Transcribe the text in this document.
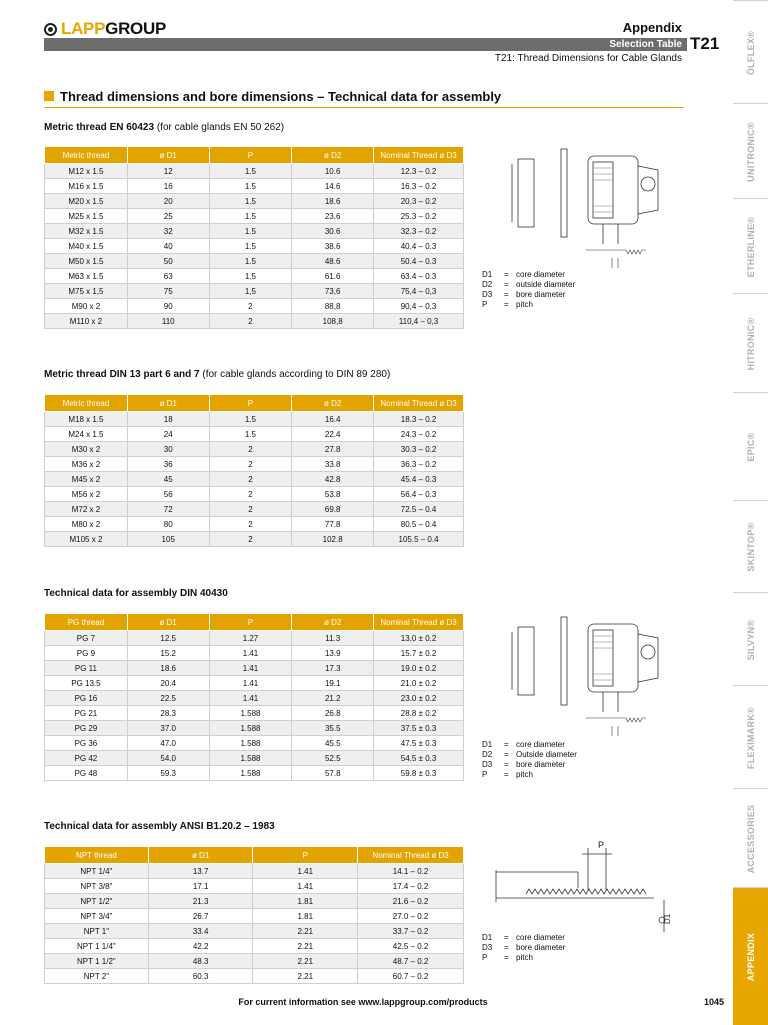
LAPPGROUP	Appendix
Selection Table T21
T21: Thread Dimensions for Cable Glands
Thread dimensions and bore dimensions – Technical data for assembly
Metric thread EN 60423 (for cable glands EN 50 262)
Metric thread	ø D1	P	ø D2	Nominal Thread ø D3
M12 x 1.5	12	1.5	10.6	12.3 – 0.2
M16 x 1.5	16	1.5	14.6	16.3 – 0.2
M20 x 1.5	20	1.5	18.6	20.3 – 0.2
M25 x 1.5	25	1.5	23.6	25.3 – 0.2
M32 x 1.5	32	1.5	30.6	32.3 – 0.2
M40 x 1.5	40	1.5	38.6	40.4 – 0.3
M50 x 1.5	50	1.5	48.6	50.4 – 0.3
M63 x 1.5	63	1.5	61.6	63.4 – 0.3
M75 x 1,5	75	1,5	73,6	75,4 – 0,3
M90 x 2	90	2	88,8	90,4 – 0,3
M110 x 2	110	2	108,8	110,4 – 0,3
Metric thread DIN 13 part 6 and 7 (for cable glands according to DIN 89 280)
Metric thread	ø D1	P	ø D2	Nominal Thread ø D3
M18 x 1.5	18	1.5	16.4	18.3 – 0.2
M24 x 1.5	24	1.5	22.4	24.3 – 0.2
M30 x 2	30	2	27.8	30.3 – 0.2
M36 x 2	36	2	33.8	36.3 – 0.2
M45 x 2	45	2	42.8	45.4 – 0.3
M56 x 2	56	2	53.8	56.4 – 0.3
M72 x 2	72	2	69.8	72.5 – 0.4
M80 x 2	80	2	77.8	80.5 – 0.4
M105 x 2	105	2	102.8	105.5 – 0.4
Technical data for assembly DIN 40430
PG thread	ø D1	P	ø D2	Nominal Thread ø D3
PG 7	12.5	1.27	11.3	13.0 ± 0.2
PG 9	15.2	1.41	13.9	15.7 ± 0.2
PG 11	18.6	1.41	17.3	19.0 ± 0.2
PG 13.5	20.4	1.41	19.1	21.0 ± 0.2
PG 16	22.5	1.41	21.2	23.0 ± 0.2
PG 21	28.3	1.588	26.8	28.8 ± 0.2
PG 29	37.0	1.588	35.5	37.5 ± 0.3
PG 36	47.0	1.588	45.5	47.5 ± 0.3
PG 42	54.0	1.588	52.5	54.5 ± 0.3
PG 48	59.3	1.588	57.8	59.8 ± 0.3
Technical data for assembly ANSI B1.20.2 – 1983
NPT thread	ø D1	P	Nominal Thread ø D3
NPT 1/4"	13.7	1.41	14.1 – 0.2
NPT 3/8"	17.1	1.41	17.4 – 0.2
NPT 1/2"	21.3	1.81	21.6 – 0.2
NPT 3/4"	26.7	1.81	27.0 – 0.2
NPT 1"	33.4	2.21	33.7 – 0.2
NPT 1 1/4"	42.2	2.21	42.5 – 0.2
NPT 1 1/2"	48.3	2.21	48.7 – 0.2
NPT 2"	60.3	2.21	60.7 – 0.2
D1	= core diameter
D2	= outside diameter
D3	= bore diameter
P	= pitch
D1	= core diameter
D2	= Outside diameter
D3	= bore diameter
P	= pitch
P
D1
D1	= core diameter
D3	= bore diameter
P	= pitch
ÖLFLEX®
UNITRONIC®
ETHERLINE®
HITRONIC®
EPIC®
SKINTOP®
SILVYN®
FLEXIMARK®
ACCESSORIES
APPENDIX
For current information see www.lappgroup.com/products	1045
